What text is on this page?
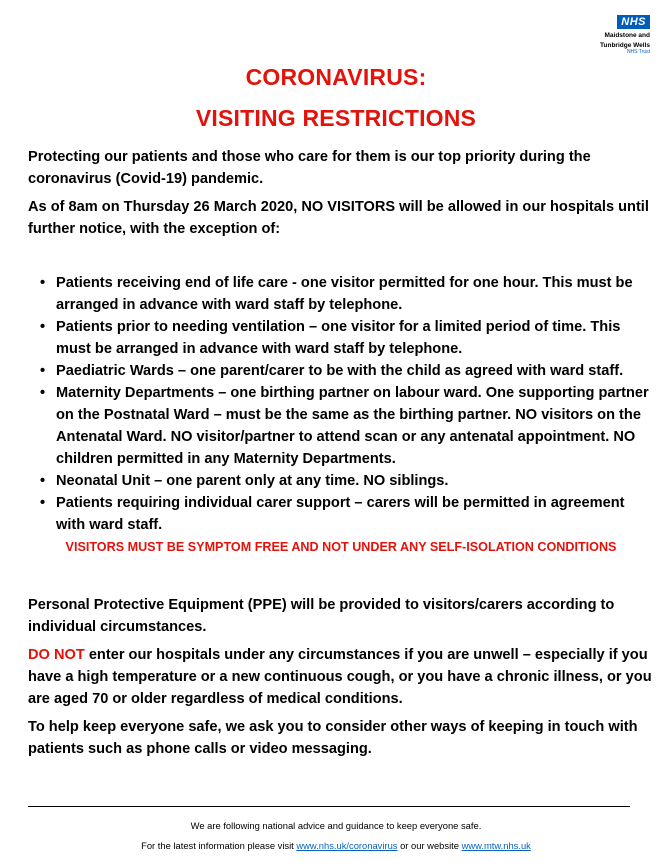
NHS
Maidstone and
Tunbridge Wells
NHS Trust
CORONAVIRUS:
VISITING RESTRICTIONS

Protecting our patients and those who care for them is our top priority during the coronavirus (Covid-19) pandemic.

As of 8am on Thursday 26 March 2020, NO VISITORS will be allowed in our hospitals until further notice, with the exception of:

• Patients receiving end of life care - one visitor permitted for one hour. This must be arranged in advance with ward staff by telephone.
• Patients prior to needing ventilation – one visitor for a limited period of time. This must be arranged in advance with ward staff by telephone.
• Paediatric Wards – one parent/carer to be with the child as agreed with ward staff.
• Maternity Departments – one birthing partner on labour ward. One supporting partner on the Postnatal Ward – must be the same as the birthing partner. NO visitors on the Antenatal Ward. NO visitor/partner to attend scan or any antenatal appointment. NO children permitted in any Maternity Departments.
• Neonatal Unit – one parent only at any time. NO siblings.
• Patients requiring individual carer support – carers will be permitted in agreement with ward staff.

VISITORS MUST BE SYMPTOM FREE AND NOT UNDER ANY SELF-ISOLATION CONDITIONS

Personal Protective Equipment (PPE) will be provided to visitors/carers according to individual circumstances.

DO NOT enter our hospitals under any circumstances if you are unwell – especially if you have a high temperature or a new continuous cough, or you have a chronic illness, or you are aged 70 or older regardless of medical conditions.

To help keep everyone safe, we ask you to consider other ways of keeping in touch with patients such as phone calls or video messaging.

We are following national advice and guidance to keep everyone safe.
For the latest information please visit www.nhs.uk/coronavirus or our website www.mtw.nhs.uk
